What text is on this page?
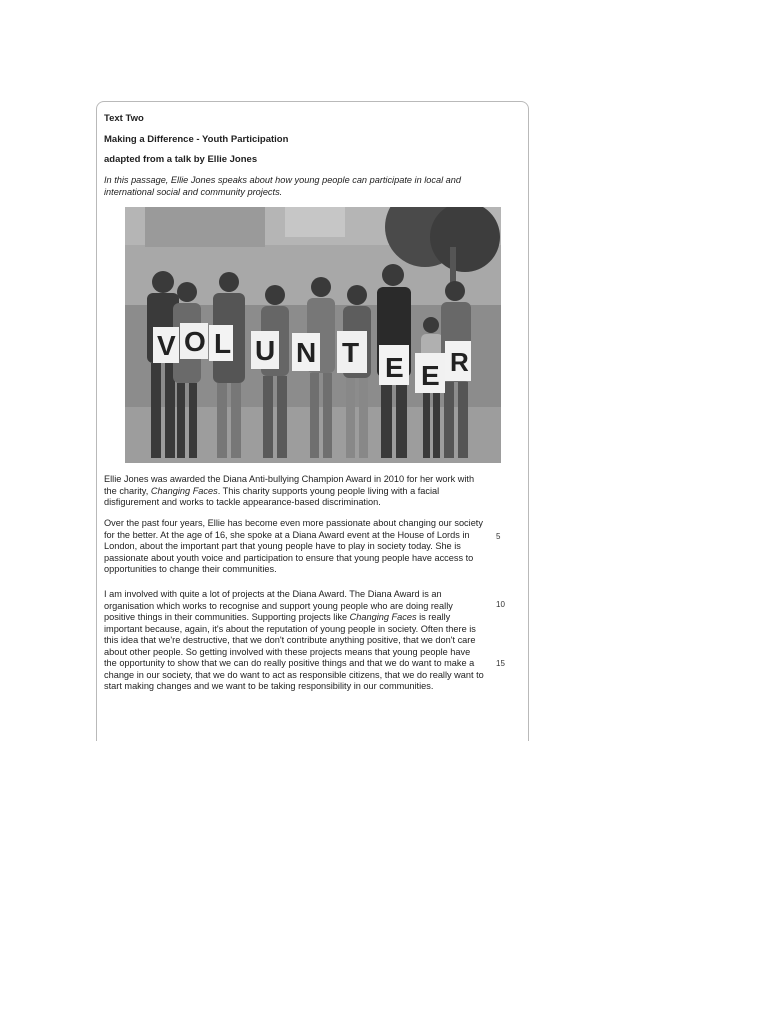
Text Two
Making a Difference - Youth Participation
adapted from a talk by Ellie Jones
In this passage, Ellie Jones speaks about how young people can participate in local and international social and community projects.
V O L U N T E E R
Ellie Jones was awarded the Diana Anti-bullying Champion Award in 2010 for her work with the charity, Changing Faces. This charity supports young people living with a facial disfigurement and works to tackle appearance-based discrimination.
Over the past four years, Ellie has become even more passionate about changing our society for the better. At the age of 16, she spoke at a Diana Award event at the House of Lords in London, about the important part that young people have to play in society today. She is passionate about youth voice and participation to ensure that young people have access to opportunities to change their communities.
I am involved with quite a lot of projects at the Diana Award. The Diana Award is an organisation which works to recognise and support young people who are doing really positive things in their communities. Supporting projects like Changing Faces is really important because, again, it's about the reputation of young people in society. Often there is this idea that we're destructive, that we don't contribute anything positive, that we don't care about other people. So getting involved with these projects means that young people have the opportunity to show that we can do really positive things and that we do want to make a change in our society, that we do want to act as responsible citizens, that we do really want to start making changes and we want to be taking responsibility in our communities.
5
10
15
